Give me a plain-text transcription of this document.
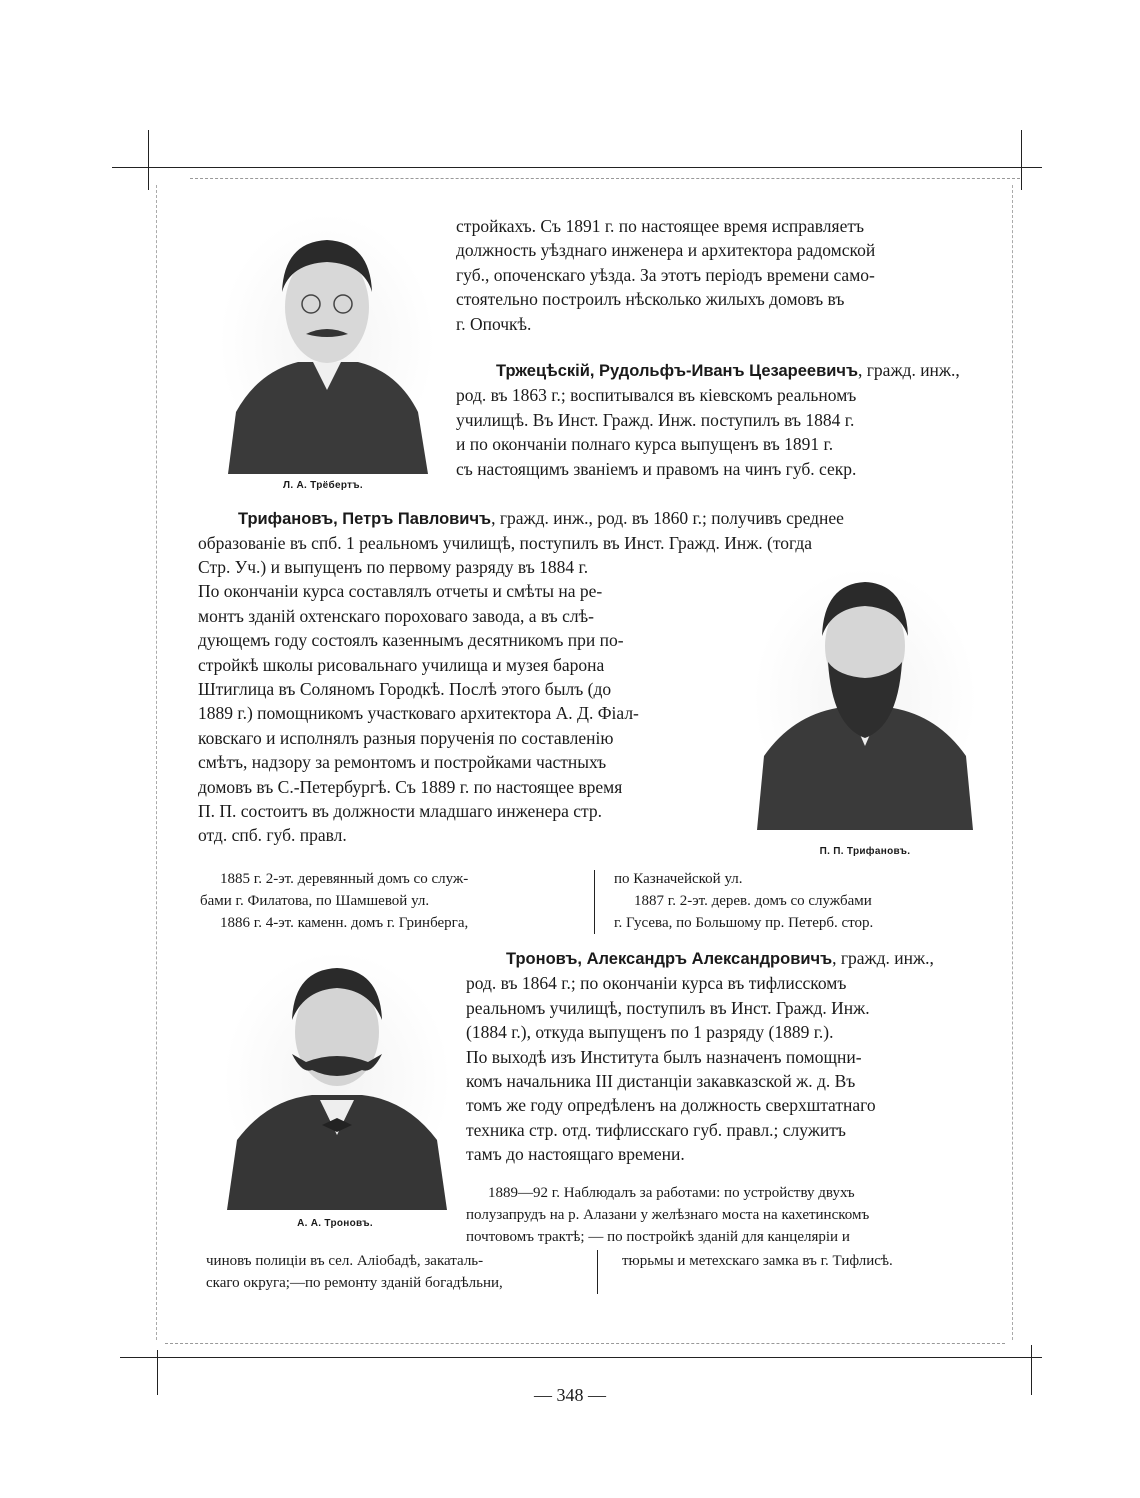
Л. А. Трёбертъ.
стройкахъ. Съ 1891 г. по настоящее время исправляетъ
должность уѣзднаго инженера и архитектора радомской
губ., опоченскаго уѣзда. За этотъ періодъ времени само-
стоятельно построилъ нѣсколько жилыхъ домовъ въ
г. Опочкѣ.
Тржецѣскій, Рудольфъ-Иванъ Цезареевичъ, гражд. инж.,
род. въ 1863 г.; воспитывался въ кіевскомъ реальномъ
училищѣ. Въ Инст. Гражд. Инж. поступилъ въ 1884 г.
и по окончаніи полнаго курса выпущенъ въ 1891 г.
съ настоящимъ званіемъ и правомъ на чинъ губ. секр.
Трифановъ, Петръ Павловичъ, гражд. инж., род. въ 1860 г.; получивъ среднее
образованіе въ спб. 1 реальномъ училищѣ, поступилъ въ Инст. Гражд. Инж. (тогда
Стр. Уч.) и выпущенъ по первому разряду въ 1884 г.
По окончаніи курса составлялъ отчеты и смѣты на ре-
монтъ зданій охтенскаго пороховаго завода, а въ слѣ-
дующемъ году состоялъ казеннымъ десятникомъ при по-
стройкѣ школы рисовальнаго училища и музея барона
Штиглица въ Соляномъ Городкѣ. Послѣ этого былъ (до
1889 г.) помощникомъ участковаго архитектора А. Д. Фіал-
ковскаго и исполнялъ разныя порученія по составленію
смѣтъ, надзору за ремонтомъ и постройками частныхъ
домовъ въ С.-Петербургѣ. Съ 1889 г. по настоящее время
П. П. состоитъ въ должности младшаго инженера стр.
отд. спб. губ. правл.
П. П. Трифановъ.
1885 г. 2-эт. деревянный домъ со служ-
бами г. Филатова, по Шамшевой ул.
1886 г. 4-эт. каменн. домъ г. Гринберга,
по Казначейской ул.
1887 г. 2-эт. дерев. домъ со службами
г. Гусева, по Большому пр. Петерб. стор.
А. А. Троновъ.
Троновъ, Александръ Александровичъ, гражд. инж.,
род. въ 1864 г.; по окончаніи курса въ тифлисскомъ
реальномъ училищѣ, поступилъ въ Инст. Гражд. Инж.
(1884 г.), откуда выпущенъ по 1 разряду (1889 г.).
По выходѣ изъ Института былъ назначенъ помощни-
комъ начальника III дистанціи закавказской ж. д. Въ
томъ же году опредѣленъ на должность сверхштатнаго
техника стр. отд. тифлисскаго губ. правл.; служитъ
тамъ до настоящаго времени.
1889—92 г. Наблюдалъ за работами: по устройству двухъ
полузапрудъ на р. Алазани у желѣзнаго моста на кахетинскомъ
почтовомъ трактѣ; — по постройкѣ зданій для канцеляріи и
чиновъ полиціи въ сел. Аліобадѣ, закаталь-
скаго округа;—по ремонту зданій богадѣльни,
тюрьмы и метехскаго замка въ г. Тифлисѣ.
— 348 —
